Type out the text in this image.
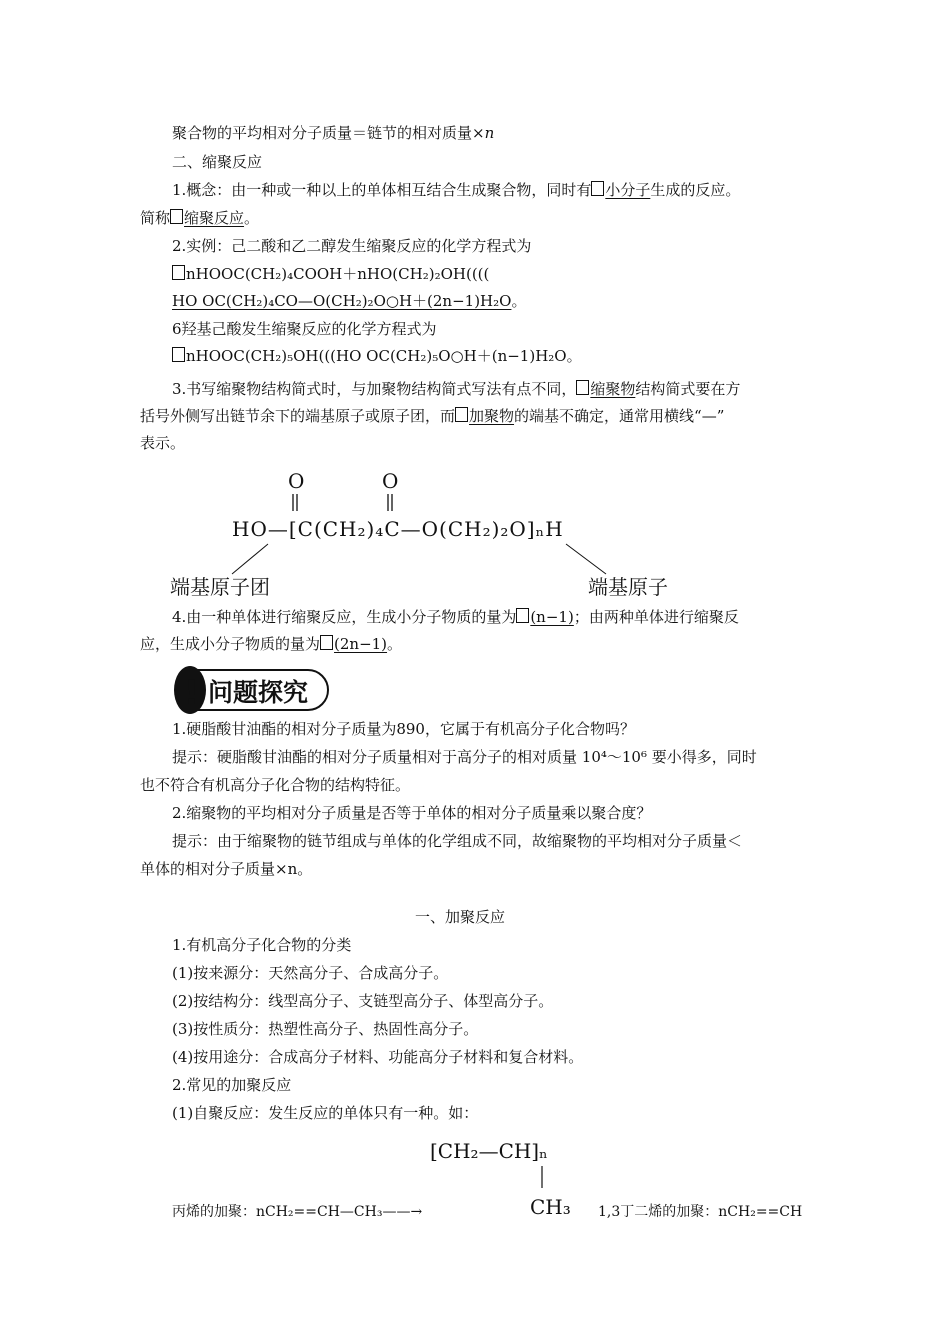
聚合物的平均相对分子质量＝链节的相对质量×n
二、缩聚反应
1.概念：由一种或一种以上的单体相互结合生成聚合物，同时有 小分子生成的反应。
简称 缩聚反应。
2.实例：己二酸和乙二醇发生缩聚反应的化学方程式为
nHOOC(CH₂)₄COOH＋nHO(CH₂)₂OH((((
HO OC(CH₂)₄CO—O(CH₂)₂O○H＋(2n−1)H₂O。
6羟基己酸发生缩聚反应的化学方程式为
nHOOC(CH₂)₅OH(((HO OC(CH₂)₅O○H＋(n−1)H₂O。
3.书写缩聚物结构简式时，与加聚物结构简式写法有点不同， 缩聚物结构简式要在方
括号外侧写出链节余下的端基原子或原子团，而 加聚物的端基不确定，通常用横线“—”
表示。
O	O
HO—[C(CH₂)₄C—O(CH₂)₂O]ₙH
端基原子团	端基原子
4.由一种单体进行缩聚反应，生成小分子物质的量为 (n−1)；由两种单体进行缩聚反
应，生成小分子物质的量为 (2n−1)。
! 问题探究
1.硬脂酸甘油酯的相对分子质量为890，它属于有机高分子化合物吗？
提示：硬脂酸甘油酯的相对分子质量相对于高分子的相对质量 10⁴～10⁶ 要小得多，同时
也不符合有机高分子化合物的结构特征。
2.缩聚物的平均相对分子质量是否等于单体的相对分子质量乘以聚合度？
提示：由于缩聚物的链节组成与单体的化学组成不同，故缩聚物的平均相对分子质量＜
单体的相对分子质量×n。
一、加聚反应
1.有机高分子化合物的分类
(1)按来源分：天然高分子、合成高分子。
(2)按结构分：线型高分子、支链型高分子、体型高分子。
(3)按性质分：热塑性高分子、热固性高分子。
(4)按用途分：合成高分子材料、功能高分子材料和复合材料。
2.常见的加聚反应
(1)自聚反应：发生反应的单体只有一种。如：
[CH₂—CH]ₙ
CH₃
丙烯的加聚：nCH₂==CH—CH₃——→	1,3丁二烯的加聚：nCH₂==CH
